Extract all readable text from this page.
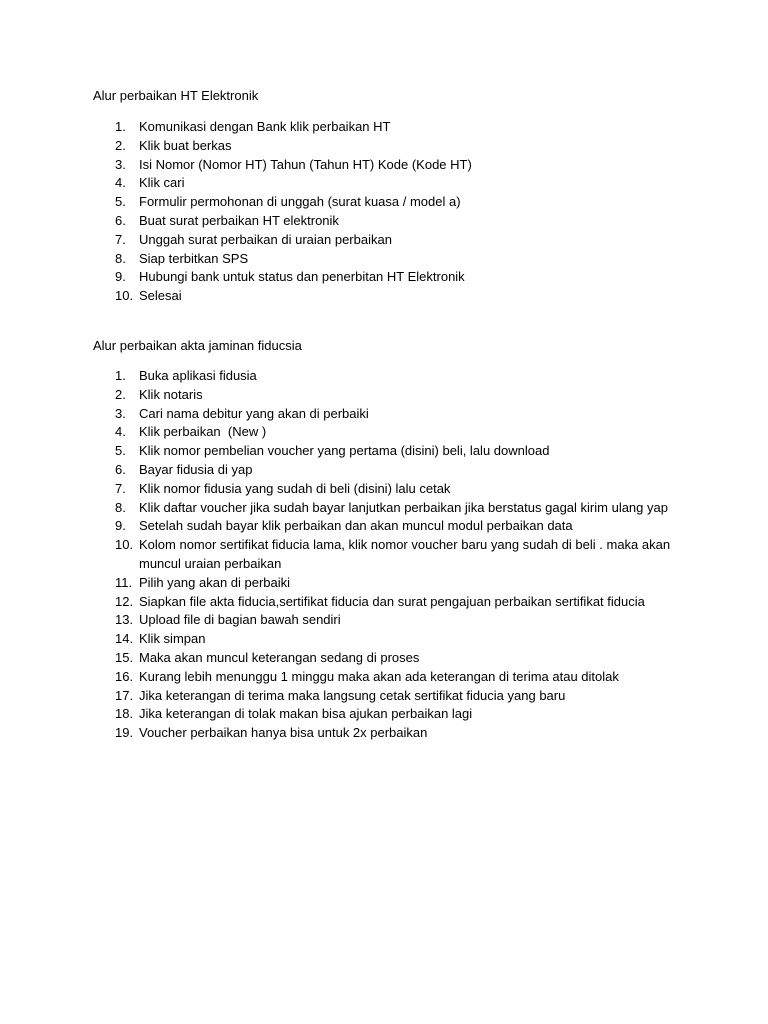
Alur perbaikan HT Elektronik
1.	Komunikasi dengan Bank klik perbaikan HT
2.	Klik buat berkas
3.	Isi Nomor (Nomor HT) Tahun (Tahun HT) Kode (Kode HT)
4.	Klik cari
5.	Formulir permohonan di unggah (surat kuasa / model a)
6.	Buat surat perbaikan HT elektronik
7.	Unggah surat perbaikan di uraian perbaikan
8.	Siap terbitkan SPS
9.	Hubungi bank untuk status dan penerbitan HT Elektronik
10. Selesai
Alur perbaikan akta jaminan fiducsia
1.	Buka aplikasi fidusia
2.	Klik notaris
3.	Cari nama debitur yang akan di perbaiki
4.	Klik perbaikan  (New )
5.	Klik nomor pembelian voucher yang pertama (disini) beli, lalu download
6.	Bayar fidusia di yap
7.	Klik nomor fidusia yang sudah di beli (disini) lalu cetak
8.	Klik daftar voucher jika sudah bayar lanjutkan perbaikan jika berstatus gagal kirim ulang yap
9.	Setelah sudah bayar klik perbaikan dan akan muncul modul perbaikan data
10. Kolom nomor sertifikat fiducia lama, klik nomor voucher baru yang sudah di beli . maka akan muncul uraian perbaikan
11. Pilih yang akan di perbaiki
12. Siapkan file akta fiducia,sertifikat fiducia dan surat pengajuan perbaikan sertifikat fiducia
13. Upload file di bagian bawah sendiri
14. Klik simpan
15. Maka akan muncul keterangan sedang di proses
16. Kurang lebih menunggu 1 minggu maka akan ada keterangan di terima atau ditolak
17. Jika keterangan di terima maka langsung cetak sertifikat fiducia yang baru
18. Jika keterangan di tolak makan bisa ajukan perbaikan lagi
19. Voucher perbaikan hanya bisa untuk 2x perbaikan
